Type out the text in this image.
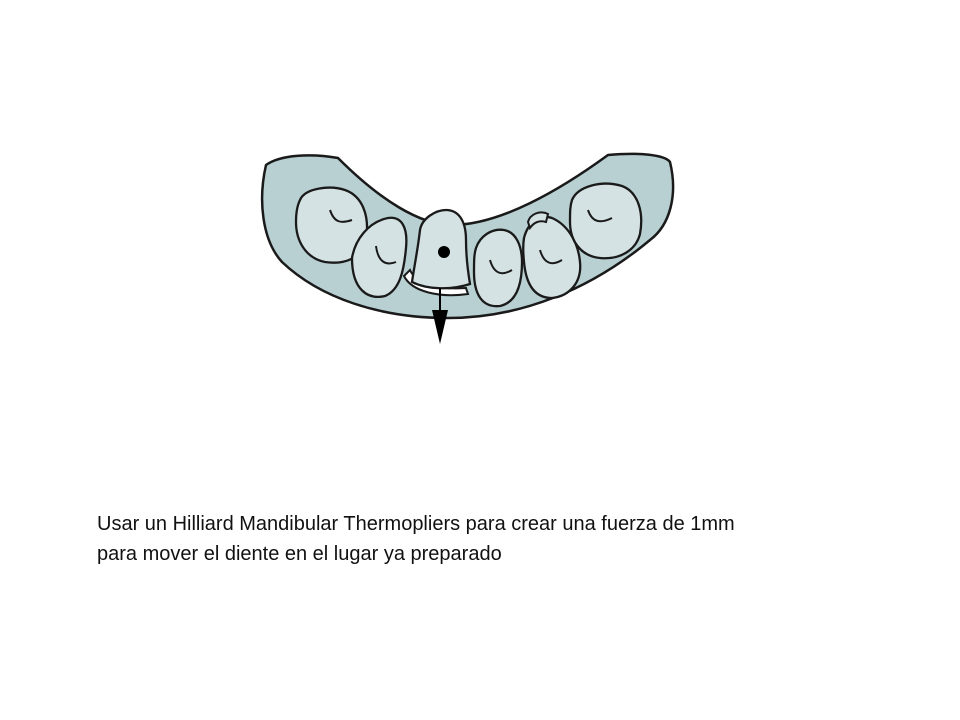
Usar un Hilliard Mandibular Thermopliers para crear una fuerza de 1mm
para mover el diente en el lugar ya preparado
